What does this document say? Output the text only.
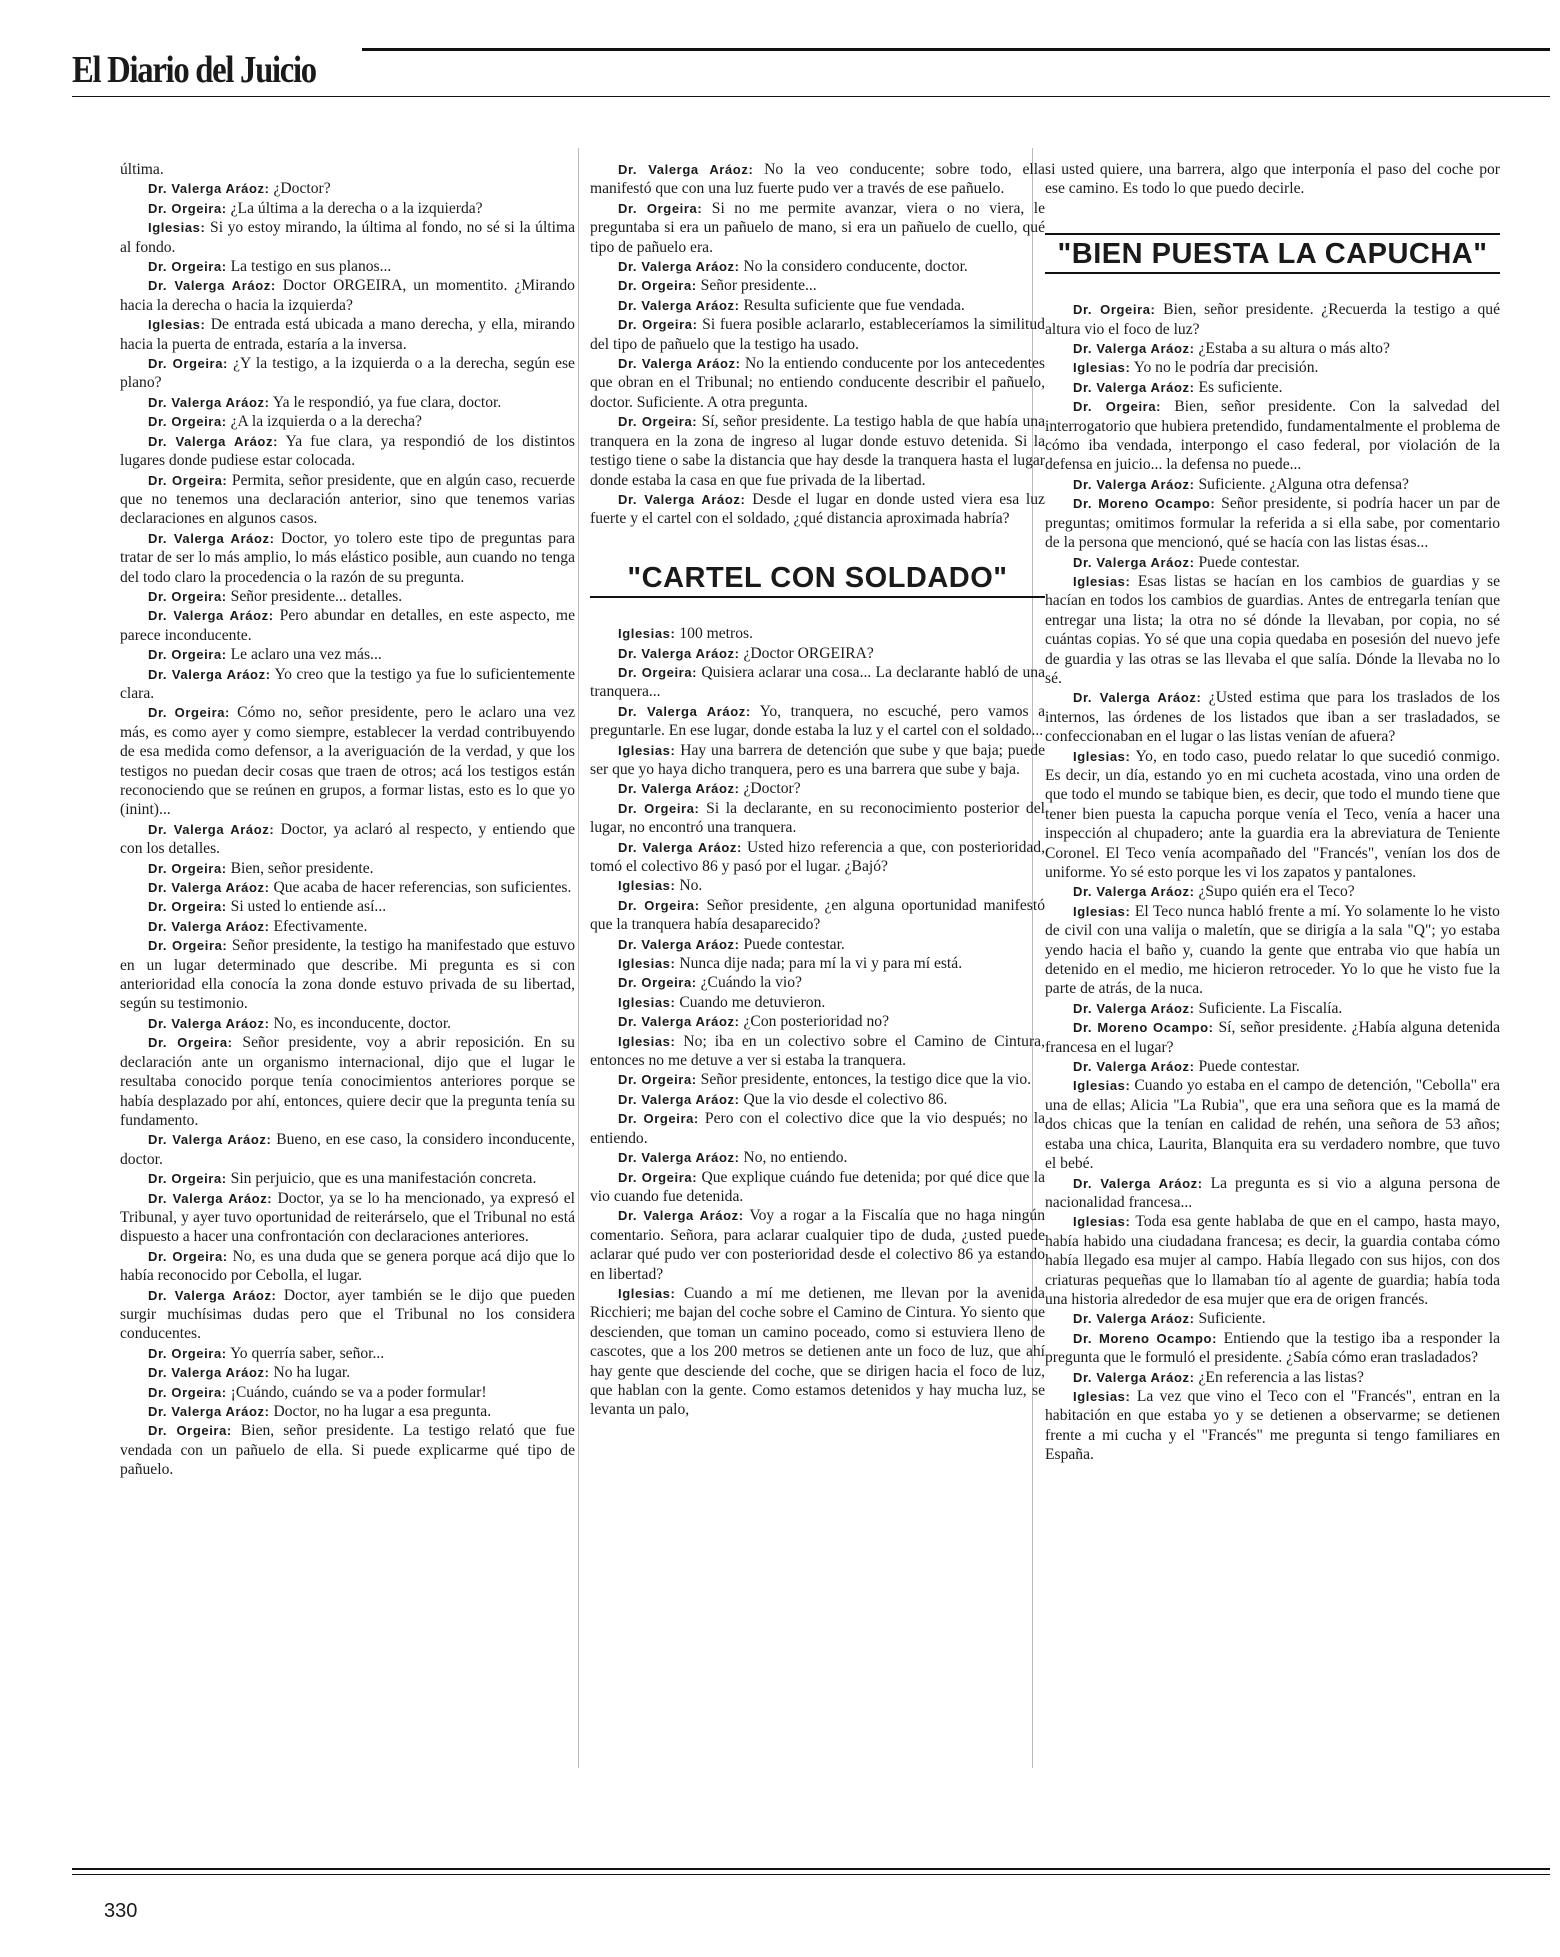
El Diario del Juicio

última.

Dr. Valerga Aráoz: ¿Doctor?

Dr. Orgeira: ¿La última a la derecha o a la izquierda?

Iglesias: Si yo estoy mirando, la última al fondo, no sé si la última al fondo.

Dr. Orgeira: La testigo en sus planos...

Dr. Valerga Aráoz: Doctor ORGEIRA, un momentito. ¿Mirando hacia la derecha o hacia la izquierda?

Iglesias: De entrada está ubicada a mano derecha, y ella, mirando hacia la puerta de entrada, estaría a la inversa.

Dr. Orgeira: ¿Y la testigo, a la izquierda o a la derecha, según ese plano?

Dr. Valerga Aráoz: Ya le respondió, ya fue clara, doctor.

Dr. Orgeira: ¿A la izquierda o a la derecha?

Dr. Valerga Aráoz: Ya fue clara, ya respondió de los distintos lugares donde pudiese estar colocada.

Dr. Orgeira: Permita, señor presidente, que en algún caso, recuerde que no tenemos una declaración anterior, sino que tenemos varias declaraciones en algunos casos.

Dr. Valerga Aráoz: Doctor, yo tolero este tipo de preguntas para tratar de ser lo más amplio, lo más elástico posible, aun cuando no tenga del todo claro la procedencia o la razón de su pregunta.

Dr. Orgeira: Señor presidente... detalles.

Dr. Valerga Aráoz: Pero abundar en detalles, en este aspecto, me parece inconducente.

Dr. Orgeira: Le aclaro una vez más...

Dr. Valerga Aráoz: Yo creo que la testigo ya fue lo suficientemente clara.

Dr. Orgeira: Cómo no, señor presidente, pero le aclaro una vez más, es como ayer y como siempre, establecer la verdad contribuyendo de esa medida como defensor, a la averiguación de la verdad, y que los testigos no puedan decir cosas que traen de otros; acá los testigos están reconociendo que se reúnen en grupos, a formar listas, esto es lo que yo (inint)...

Dr. Valerga Aráoz: Doctor, ya aclaró al respecto, y entiendo que con los detalles.

Dr. Orgeira: Bien, señor presidente.

Dr. Valerga Aráoz: Que acaba de hacer referencias, son suficientes.

Dr. Orgeira: Si usted lo entiende así...

Dr. Valerga Aráoz: Efectivamente.

Dr. Orgeira: Señor presidente, la testigo ha manifestado que estuvo en un lugar determinado que describe. Mi pregunta es si con anterioridad ella conocía la zona donde estuvo privada de su libertad, según su testimonio.

Dr. Valerga Aráoz: No, es inconducente, doctor.

Dr. Orgeira: Señor presidente, voy a abrir reposición. En su declaración ante un organismo internacional, dijo que el lugar le resultaba conocido porque tenía conocimientos anteriores porque se había desplazado por ahí, entonces, quiere decir que la pregunta tenía su fundamento.

Dr. Valerga Aráoz: Bueno, en ese caso, la considero inconducente, doctor.

Dr. Orgeira: Sin perjuicio, que es una manifestación concreta.

Dr. Valerga Aráoz: Doctor, ya se lo ha mencionado, ya expresó el Tribunal, y ayer tuvo oportunidad de reiterárselo, que el Tribunal no está dispuesto a hacer una confrontación con declaraciones anteriores.

Dr. Orgeira: No, es una duda que se genera porque acá dijo que lo había reconocido por Cebolla, el lugar.

Dr. Valerga Aráoz: Doctor, ayer también se le dijo que pueden surgir muchísimas dudas pero que el Tribunal no los considera conducentes.

Dr. Orgeira: Yo querría saber, señor...

Dr. Valerga Aráoz: No ha lugar.

Dr. Orgeira: ¡Cuándo, cuándo se va a poder formular!

Dr. Valerga Aráoz: Doctor, no ha lugar a esa pregunta.

Dr. Orgeira: Bien, señor presidente. La testigo relató que fue vendada con un pañuelo de ella. Si puede explicarme qué tipo de pañuelo.

Dr. Valerga Aráoz: No la veo conducente; sobre todo, ella manifestó que con una luz fuerte pudo ver a través de ese pañuelo.

Dr. Orgeira: Si no me permite avanzar, viera o no viera, le preguntaba si era un pañuelo de mano, si era un pañuelo de cuello, qué tipo de pañuelo era.

Dr. Valerga Aráoz: No la considero conducente, doctor.

Dr. Orgeira: Señor presidente...

Dr. Valerga Aráoz: Resulta suficiente que fue vendada.

Dr. Orgeira: Si fuera posible aclararlo, estableceríamos la similitud del tipo de pañuelo que la testigo ha usado.

Dr. Valerga Aráoz: No la entiendo conducente por los antecedentes que obran en el Tribunal; no entiendo conducente describir el pañuelo, doctor. Suficiente. A otra pregunta.

Dr. Orgeira: Sí, señor presidente. La testigo habla de que había una tranquera en la zona de ingreso al lugar donde estuvo detenida. Si la testigo tiene o sabe la distancia que hay desde la tranquera hasta el lugar donde estaba la casa en que fue privada de la libertad.

Dr. Valerga Aráoz: Desde el lugar en donde usted viera esa luz fuerte y el cartel con el soldado, ¿qué distancia aproximada habría?

"CARTEL CON SOLDADO"

Iglesias: 100 metros.

Dr. Valerga Aráoz: ¿Doctor ORGEIRA?

Dr. Orgeira: Quisiera aclarar una cosa... La declarante habló de una tranquera...

Dr. Valerga Aráoz: Yo, tranquera, no escuché, pero vamos a preguntarle. En ese lugar, donde estaba la luz y el cartel con el soldado...

Iglesias: Hay una barrera de detención que sube y que baja; puede ser que yo haya dicho tranquera, pero es una barrera que sube y baja.

Dr. Valerga Aráoz: ¿Doctor?

Dr. Orgeira: Si la declarante, en su reconocimiento posterior del lugar, no encontró una tranquera.

Dr. Valerga Aráoz: Usted hizo referencia a que, con posterioridad, tomó el colectivo 86 y pasó por el lugar. ¿Bajó?

Iglesias: No.

Dr. Orgeira: Señor presidente, ¿en alguna oportunidad manifestó que la tranquera había desaparecido?

Dr. Valerga Aráoz: Puede contestar.

Iglesias: Nunca dije nada; para mí la vi y para mí está.

Dr. Orgeira: ¿Cuándo la vio?

Iglesias: Cuando me detuvieron.

Dr. Valerga Aráoz: ¿Con posterioridad no?

Iglesias: No; iba en un colectivo sobre el Camino de Cintura, entonces no me detuve a ver si estaba la tranquera.

Dr. Orgeira: Señor presidente, entonces, la testigo dice que la vio.

Dr. Valerga Aráoz: Que la vio desde el colectivo 86.

Dr. Orgeira: Pero con el colectivo dice que la vio después; no la entiendo.

Dr. Valerga Aráoz: No, no entiendo.

Dr. Orgeira: Que explique cuándo fue detenida; por qué dice que la vio cuando fue detenida.

Dr. Valerga Aráoz: Voy a rogar a la Fiscalía que no haga ningún comentario. Señora, para aclarar cualquier tipo de duda, ¿usted puede aclarar qué pudo ver con posterioridad desde el colectivo 86 ya estando en libertad?

Iglesias: Cuando a mí me detienen, me llevan por la avenida Ricchieri; me bajan del coche sobre el Camino de Cintura. Yo siento que descienden, que toman un camino poceado, como si estuviera lleno de cascotes, que a los 200 metros se detienen ante un foco de luz, que ahí hay gente que desciende del coche, que se dirigen hacia el foco de luz, que hablan con la gente. Como estamos detenidos y hay mucha luz, se levanta un palo,

si usted quiere, una barrera, algo que interponía el paso del coche por ese camino. Es todo lo que puedo decirle.

"BIEN PUESTA LA CAPUCHA"

Dr. Orgeira: Bien, señor presidente. ¿Recuerda la testigo a qué altura vio el foco de luz?

Dr. Valerga Aráoz: ¿Estaba a su altura o más alto?

Iglesias: Yo no le podría dar precisión.

Dr. Valerga Aráoz: Es suficiente.

Dr. Orgeira: Bien, señor presidente. Con la salvedad del interrogatorio que hubiera pretendido, fundamentalmente el problema de cómo iba vendada, interpongo el caso federal, por violación de la defensa en juicio... la defensa no puede...

Dr. Valerga Aráoz: Suficiente. ¿Alguna otra defensa?

Dr. Moreno Ocampo: Señor presidente, si podría hacer un par de preguntas; omitimos formular la referida a si ella sabe, por comentario de la persona que mencionó, qué se hacía con las listas ésas...

Dr. Valerga Aráoz: Puede contestar.

Iglesias: Esas listas se hacían en los cambios de guardias y se hacían en todos los cambios de guardias. Antes de entregarla tenían que entregar una lista; la otra no sé dónde la llevaban, por copia, no sé cuántas copias. Yo sé que una copia quedaba en posesión del nuevo jefe de guardia y las otras se las llevaba el que salía. Dónde la llevaba no lo sé.

Dr. Valerga Aráoz: ¿Usted estima que para los traslados de los internos, las órdenes de los listados que iban a ser trasladados, se confeccionaban en el lugar o las listas venían de afuera?

Iglesias: Yo, en todo caso, puedo relatar lo que sucedió conmigo. Es decir, un día, estando yo en mi cucheta acostada, vino una orden de que todo el mundo se tabique bien, es decir, que todo el mundo tiene que tener bien puesta la capucha porque venía el Teco, venía a hacer una inspección al chupadero; ante la guardia era la abreviatura de Teniente Coronel. El Teco venía acompañado del "Francés", venían los dos de uniforme. Yo sé esto porque les vi los zapatos y pantalones.

Dr. Valerga Aráoz: ¿Supo quién era el Teco?

Iglesias: El Teco nunca habló frente a mí. Yo solamente lo he visto de civil con una valija o maletín, que se dirigía a la sala "Q"; yo estaba yendo hacia el baño y, cuando la gente que entraba vio que había un detenido en el medio, me hicieron retroceder. Yo lo que he visto fue la parte de atrás, de la nuca.

Dr. Valerga Aráoz: Suficiente. La Fiscalía.

Dr. Moreno Ocampo: Sí, señor presidente. ¿Había alguna detenida francesa en el lugar?

Dr. Valerga Aráoz: Puede contestar.

Iglesias: Cuando yo estaba en el campo de detención, "Cebolla" era una de ellas; Alicia "La Rubia", que era una señora que es la mamá de dos chicas que la tenían en calidad de rehén, una señora de 53 años; estaba una chica, Laurita, Blanquita era su verdadero nombre, que tuvo el bebé.

Dr. Valerga Aráoz: La pregunta es si vio a alguna persona de nacionalidad francesa...

Iglesias: Toda esa gente hablaba de que en el campo, hasta mayo, había habido una ciudadana francesa; es decir, la guardia contaba cómo había llegado esa mujer al campo. Había llegado con sus hijos, con dos criaturas pequeñas que lo llamaban tío al agente de guardia; había toda una historia alrededor de esa mujer que era de origen francés.

Dr. Valerga Aráoz: Suficiente.

Dr. Moreno Ocampo: Entiendo que la testigo iba a responder la pregunta que le formuló el presidente. ¿Sabía cómo eran trasladados?

Dr. Valerga Aráoz: ¿En referencia a las listas?

Iglesias: La vez que vino el Teco con el "Francés", entran en la habitación en que estaba yo y se detienen a observarme; se detienen frente a mi cucha y el "Francés" me pregunta si tengo familiares en España.

330
